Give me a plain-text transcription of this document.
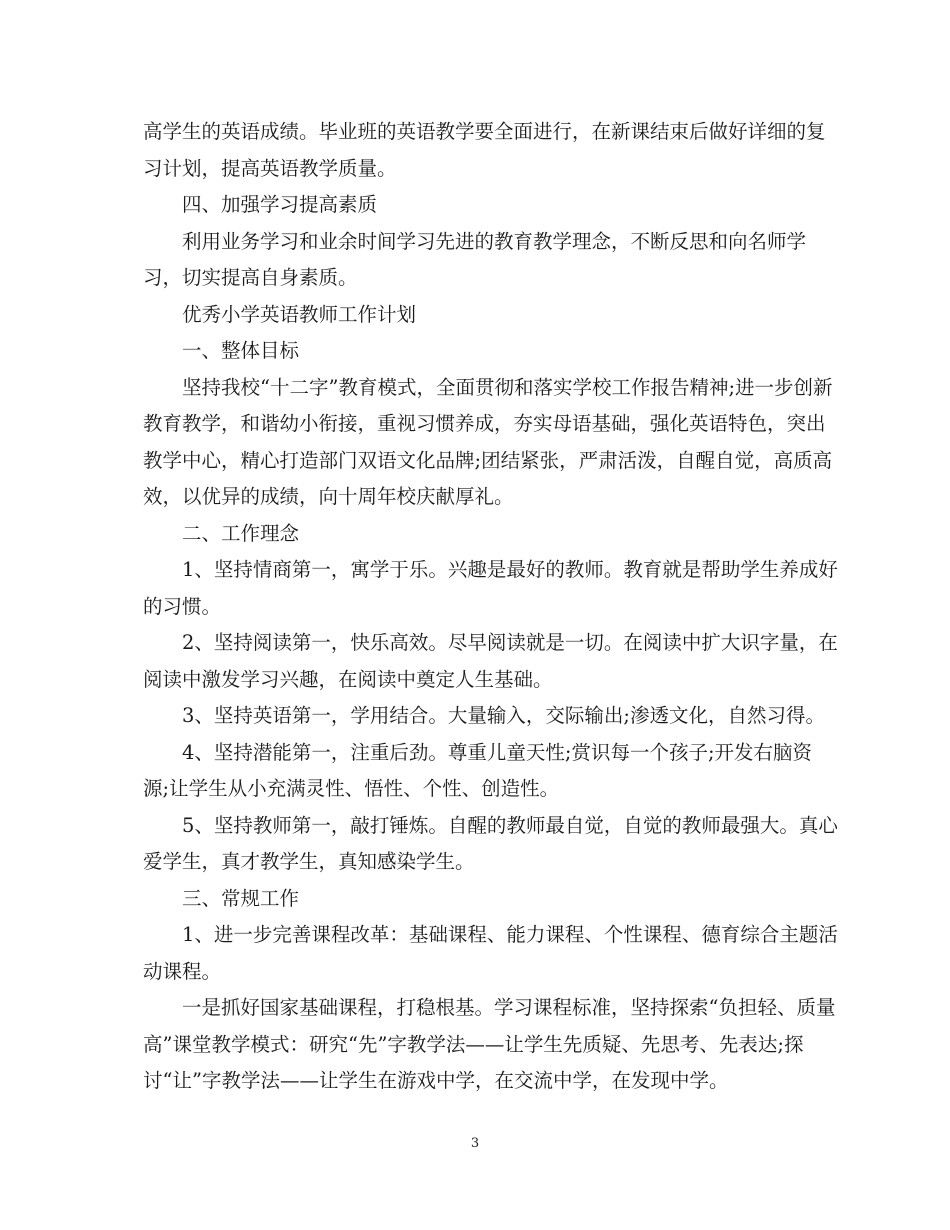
高学生的英语成绩。毕业班的英语教学要全面进行，在新课结束后做好详细的复
习计划，提高英语教学质量。
四、加强学习提高素质
利用业务学习和业余时间学习先进的教育教学理念，不断反思和向名师学
习，切实提高自身素质。
优秀小学英语教师工作计划
一、整体目标
坚持我校“十二字”教育模式，全面贯彻和落实学校工作报告精神;进一步创新
教育教学，和谐幼小衔接，重视习惯养成，夯实母语基础，强化英语特色，突出
教学中心，精心打造部门双语文化品牌;团结紧张，严肃活泼，自醒自觉，高质高
效，以优异的成绩，向十周年校庆献厚礼。
二、工作理念
1、坚持情商第一，寓学于乐。兴趣是最好的教师。教育就是帮助学生养成好
的习惯。
2、坚持阅读第一，快乐高效。尽早阅读就是一切。在阅读中扩大识字量，在
阅读中激发学习兴趣，在阅读中奠定人生基础。
3、坚持英语第一，学用结合。大量输入，交际输出;渗透文化，自然习得。
4、坚持潜能第一，注重后劲。尊重儿童天性;赏识每一个孩子;开发右脑资
源;让学生从小充满灵性、悟性、个性、创造性。
5、坚持教师第一，敲打锤炼。自醒的教师最自觉，自觉的教师最强大。真心
爱学生，真才教学生，真知感染学生。
三、常规工作
1、进一步完善课程改革：基础课程、能力课程、个性课程、德育综合主题活
动课程。
一是抓好国家基础课程，打稳根基。学习课程标准，坚持探索“负担轻、质量
高”课堂教学模式：研究“先”字教学法——让学生先质疑、先思考、先表达;探
讨“让”字教学法——让学生在游戏中学，在交流中学，在发现中学。
3
